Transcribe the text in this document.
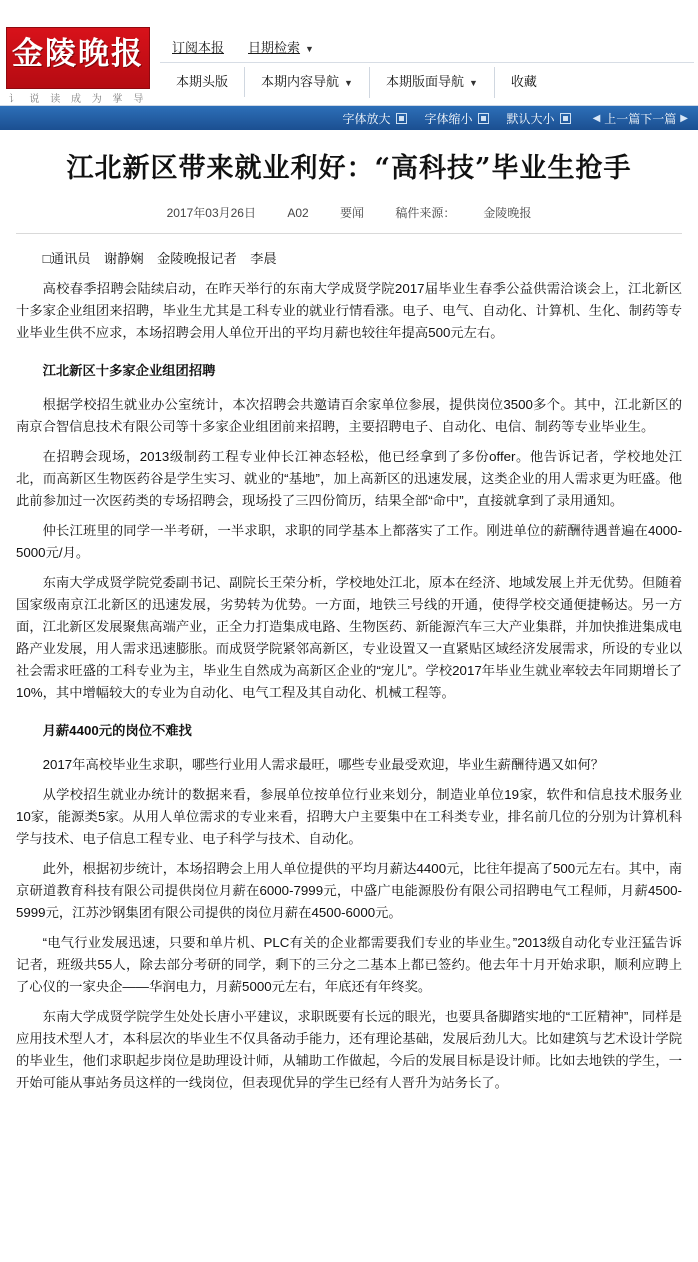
金陵晚报
讠 说 读 成 为 掌 导
订阅本报	日期检索 ▼
本期头版	本期内容导航 ▼	本期版面导航 ▼	收藏
字体放大	字体缩小	默认大小	◀ 上一篇 下一篇 ▶
江北新区带来就业利好：“高科技”毕业生抢手
2017年03月26日	A02	要闻	稿件来源： 金陵晚报

□通讯员　谢静娴　金陵晚报记者　李晨

高校春季招聘会陆续启动，在昨天举行的东南大学成贤学院2017届毕业生春季公益供需洽谈会上，江北新区十多家企业组团来招聘，毕业生尤其是工科专业的就业行情看涨。电子、电气、自动化、计算机、生化、制药等专业毕业生供不应求，本场招聘会用人单位开出的平均月薪也较往年提高500元左右。

江北新区十多家企业组团招聘

根据学校招生就业办公室统计，本次招聘会共邀请百余家单位参展，提供岗位3500多个。其中，江北新区的南京合智信息技术有限公司等十多家企业组团前来招聘，主要招聘电子、自动化、电信、制药等专业毕业生。

在招聘会现场，2013级制药工程专业仲长江神态轻松，他已经拿到了多份offer。他告诉记者，学校地处江北，而高新区生物医药谷是学生实习、就业的“基地”，加上高新区的迅速发展，这类企业的用人需求更为旺盛。他此前参加过一次医药类的专场招聘会，现场投了三四份简历，结果全部“命中”，直接就拿到了录用通知。

仲长江班里的同学一半考研，一半求职，求职的同学基本上都落实了工作。刚进单位的薪酬待遇普遍在4000-5000元/月。

东南大学成贤学院党委副书记、副院长王荣分析，学校地处江北，原本在经济、地域发展上并无优势。但随着国家级南京江北新区的迅速发展，劣势转为优势。一方面，地铁三号线的开通，使得学校交通便捷畅达。另一方面，江北新区发展聚焦高端产业，正全力打造集成电路、生物医药、新能源汽车三大产业集群，并加快推进集成电路产业发展，用人需求迅速膨胀。而成贤学院紧邻高新区，专业设置又一直紧贴区域经济发展需求，所设的专业以社会需求旺盛的工科专业为主，毕业生自然成为高新区企业的“宠儿”。学校2017年毕业生就业率较去年同期增长了10%，其中增幅较大的专业为自动化、电气工程及其自动化、机械工程等。

月薪4400元的岗位不难找

2017年高校毕业生求职，哪些行业用人需求最旺，哪些专业最受欢迎，毕业生薪酬待遇又如何？

从学校招生就业办统计的数据来看，参展单位按单位行业来划分，制造业单位19家，软件和信息技术服务业10家，能源类5家。从用人单位需求的专业来看，招聘大户主要集中在工科类专业，排名前几位的分别为计算机科学与技术、电子信息工程专业、电子科学与技术、自动化。

此外，根据初步统计，本场招聘会上用人单位提供的平均月薪达4400元，比往年提高了500元左右。其中，南京研道教育科技有限公司提供岗位月薪在6000-7999元，中盛广电能源股份有限公司招聘电气工程师，月薪4500-5999元，江苏沙钢集团有限公司提供的岗位月薪在4500-6000元。

“电气行业发展迅速，只要和单片机、PLC有关的企业都需要我们专业的毕业生。”2013级自动化专业汪猛告诉记者，班级共55人，除去部分考研的同学，剩下的三分之二基本上都已签约。他去年十月开始求职，顺利应聘上了心仪的一家央企——华润电力，月薪5000元左右，年底还有年终奖。

东南大学成贤学院学生处处长唐小平建议，求职既要有长远的眼光，也要具备脚踏实地的“工匠精神”，同样是应用技术型人才，本科层次的毕业生不仅具备动手能力，还有理论基础，发展后劲儿大。比如建筑与艺术设计学院的毕业生，他们求职起步岗位是助理设计师，从辅助工作做起，今后的发展目标是设计师。比如去地铁的学生，一开始可能从事站务员这样的一线岗位，但表现优异的学生已经有人晋升为站务长了。
